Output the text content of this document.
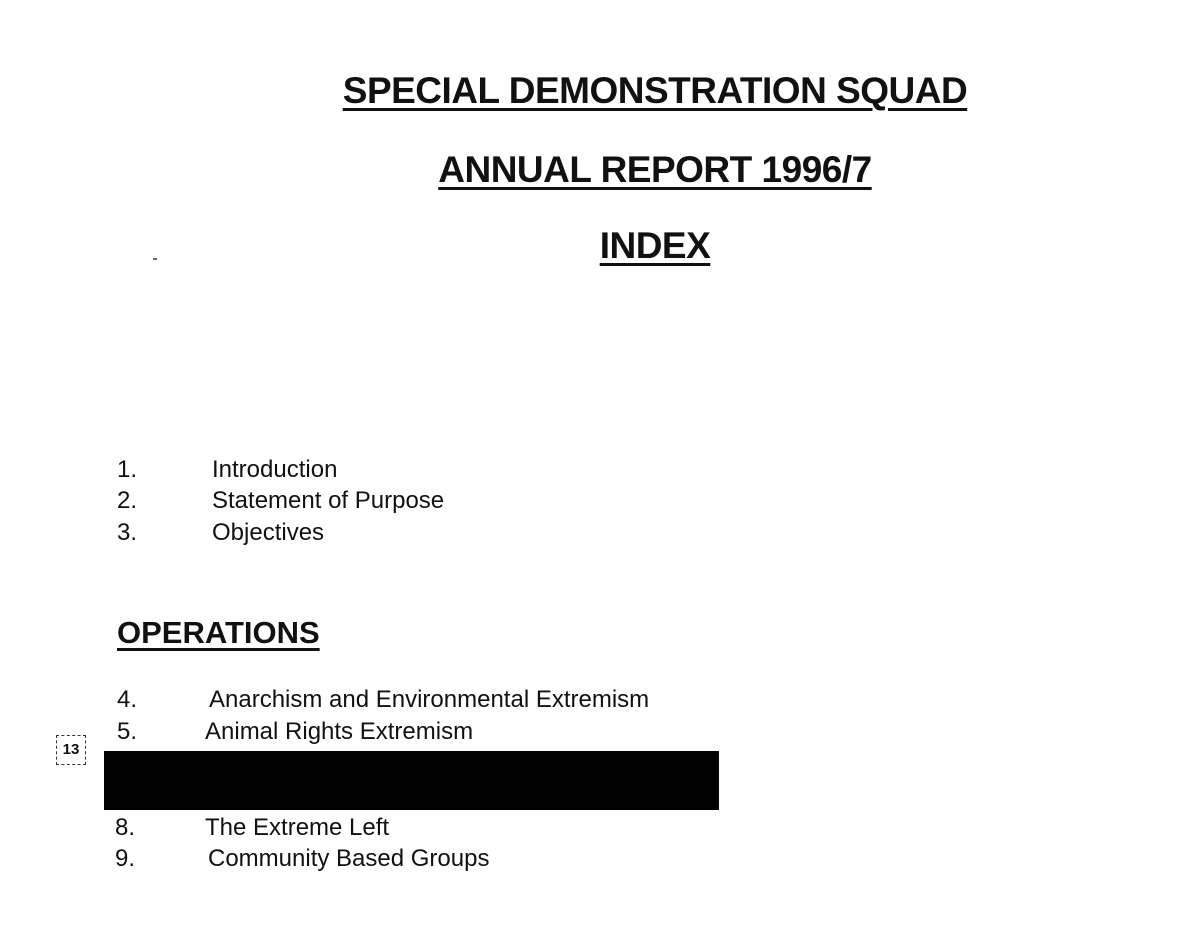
SPECIAL DEMONSTRATION SQUAD
ANNUAL REPORT 1996/7
INDEX
1.	Introduction
2.	Statement of Purpose
3.	Objectives
OPERATIONS
4.	Anarchism and Environmental Extremism
5.	Animal Rights Extremism
8.	The Extreme Left
9.	Community Based Groups
13
